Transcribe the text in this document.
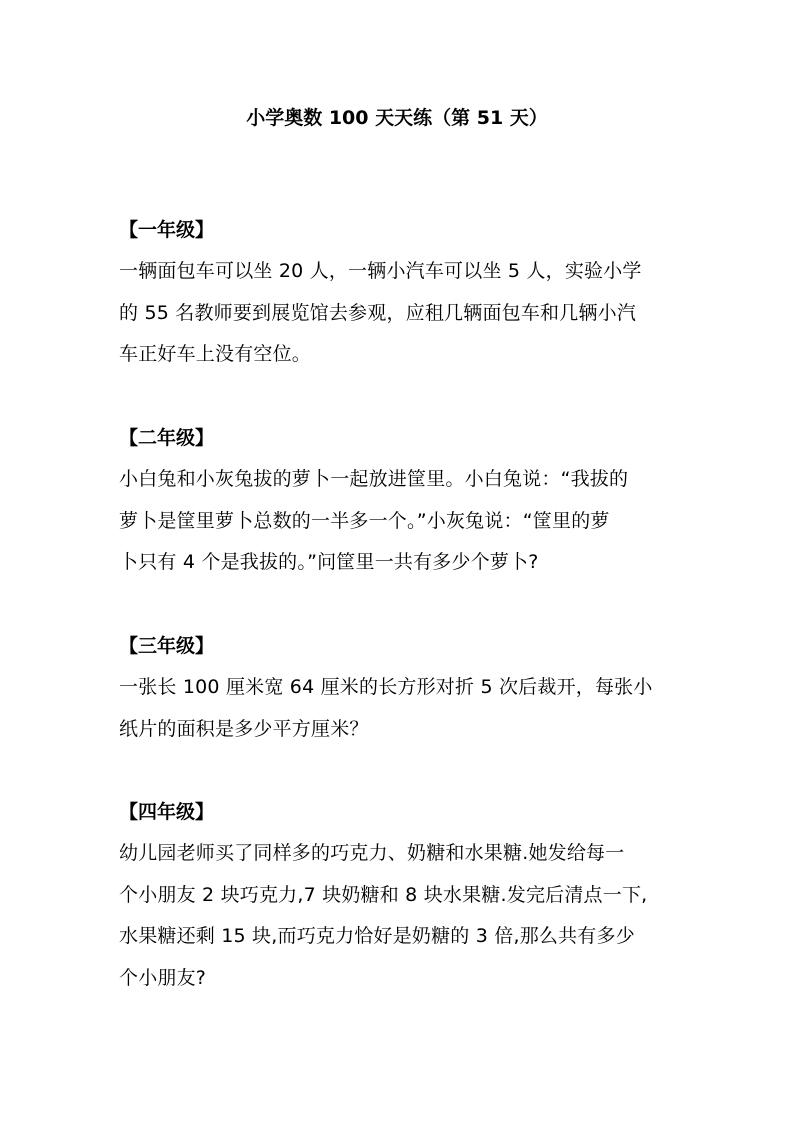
小学奥数 100 天天练（第 51 天）
【一年级】
一辆面包车可以坐 20 人，一辆小汽车可以坐 5 人，实验小学
的 55 名教师要到展览馆去参观，应租几辆面包车和几辆小汽
车正好车上没有空位。
【二年级】
小白兔和小灰兔拔的萝卜一起放进筐里。小白兔说：“我拔的
萝卜是筐里萝卜总数的一半多一个。”小灰兔说：“筐里的萝
卜只有 4 个是我拔的。”问筐里一共有多少个萝卜?
【三年级】
一张长 100 厘米宽 64 厘米的长方形对折 5 次后裁开，每张小
纸片的面积是多少平方厘米？
【四年级】
幼儿园老师买了同样多的巧克力、奶糖和水果糖.她发给每一
个小朋友 2 块巧克力,7 块奶糖和 8 块水果糖.发完后清点一下,
水果糖还剩 15 块,而巧克力恰好是奶糖的 3 倍,那么共有多少
个小朋友?
